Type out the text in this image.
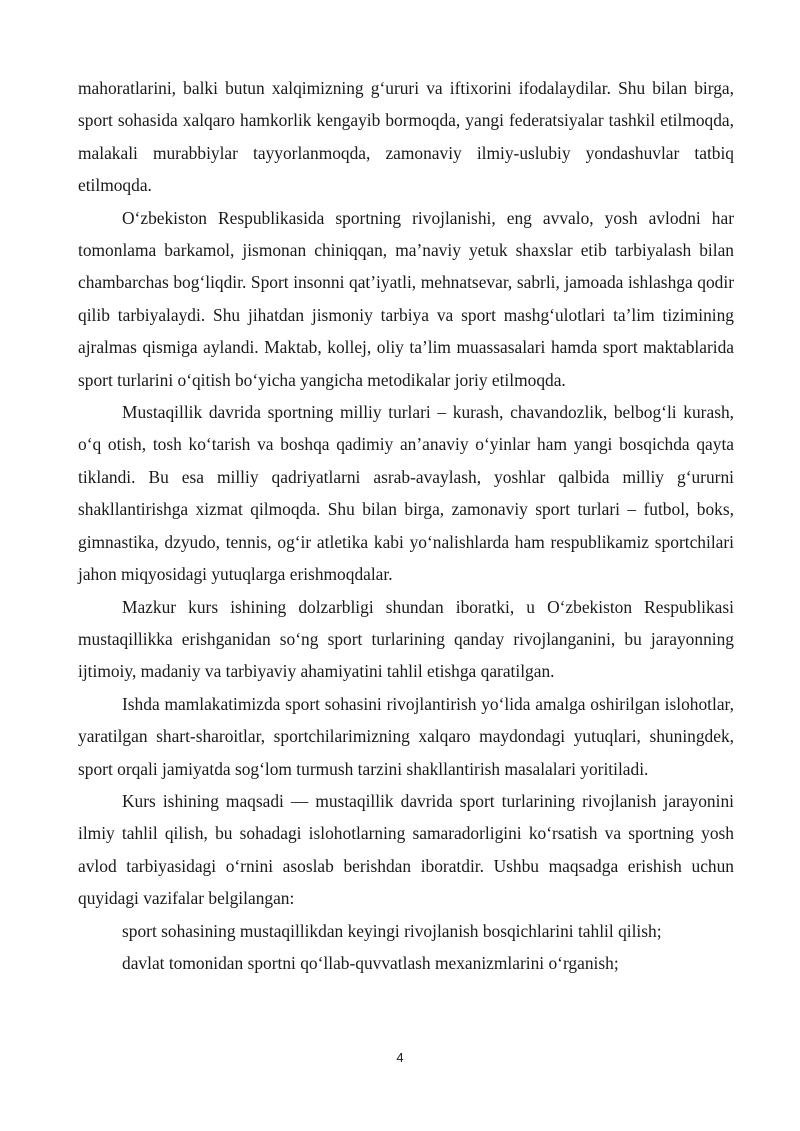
mahoratlarini, balki butun xalqimizning g‘ururi va iftixorini ifodalaydilar. Shu bilan birga, sport sohasida xalqaro hamkorlik kengayib bormoqda, yangi federatsiyalar tashkil etilmoqda, malakali murabbiylar tayyorlanmoqda, zamonaviy ilmiy-uslubiy yondashuvlar tatbiq etilmoqda.

O‘zbekiston Respublikasida sportning rivojlanishi, eng avvalo, yosh avlodni har tomonlama barkamol, jismonan chiniqqan, ma’naviy yetuk shaxslar etib tarbiyalash bilan chambarchas bog‘liqdir. Sport insonni qat’iyatli, mehnatsevar, sabrli, jamoada ishlashga qodir qilib tarbiyalaydi. Shu jihatdan jismoniy tarbiya va sport mashg‘ulotlari ta’lim tizimining ajralmas qismiga aylandi. Maktab, kollej, oliy ta’lim muassasalari hamda sport maktablarida sport turlarini o‘qitish bo‘yicha yangicha metodikalar joriy etilmoqda.

Mustaqillik davrida sportning milliy turlari – kurash, chavandozlik, belbog‘li kurash, o‘q otish, tosh ko‘tarish va boshqa qadimiy an’anaviy o‘yinlar ham yangi bosqichda qayta tiklandi. Bu esa milliy qadriyatlarni asrab-avaylash, yoshlar qalbida milliy g‘ururni shakllantirishga xizmat qilmoqda. Shu bilan birga, zamonaviy sport turlari – futbol, boks, gimnastika, dzyudo, tennis, og‘ir atletika kabi yo‘nalishlarda ham respublikamiz sportchilari jahon miqyosidagi yutuqlarga erishmoqdalar.

Mazkur kurs ishining dolzarbligi shundan iboratki, u O‘zbekiston Respublikasi mustaqillikka erishganidan so‘ng sport turlarining qanday rivojlanganini, bu jarayonning ijtimoiy, madaniy va tarbiyaviy ahamiyatini tahlil etishga qaratilgan.

Ishda mamlakatimizda sport sohasini rivojlantirish yo‘lida amalga oshirilgan islohotlar, yaratilgan shart-sharoitlar, sportchilarimizning xalqaro maydondagi yutuqlari, shuningdek, sport orqali jamiyatda sog‘lom turmush tarzini shakllantirish masalalari yoritiladi.

Kurs ishining maqsadi — mustaqillik davrida sport turlarining rivojlanish jarayonini ilmiy tahlil qilish, bu sohadagi islohotlarning samaradorligini ko‘rsatish va sportning yosh avlod tarbiyasidagi o‘rnini asoslab berishdan iboratdir. Ushbu maqsadga erishish uchun quyidagi vazifalar belgilangan:

sport sohasining mustaqillikdan keyingi rivojlanish bosqichlarini tahlil qilish;

davlat tomonidan sportni qo‘llab-quvvatlash mexanizmlarini o‘rganish;

4
